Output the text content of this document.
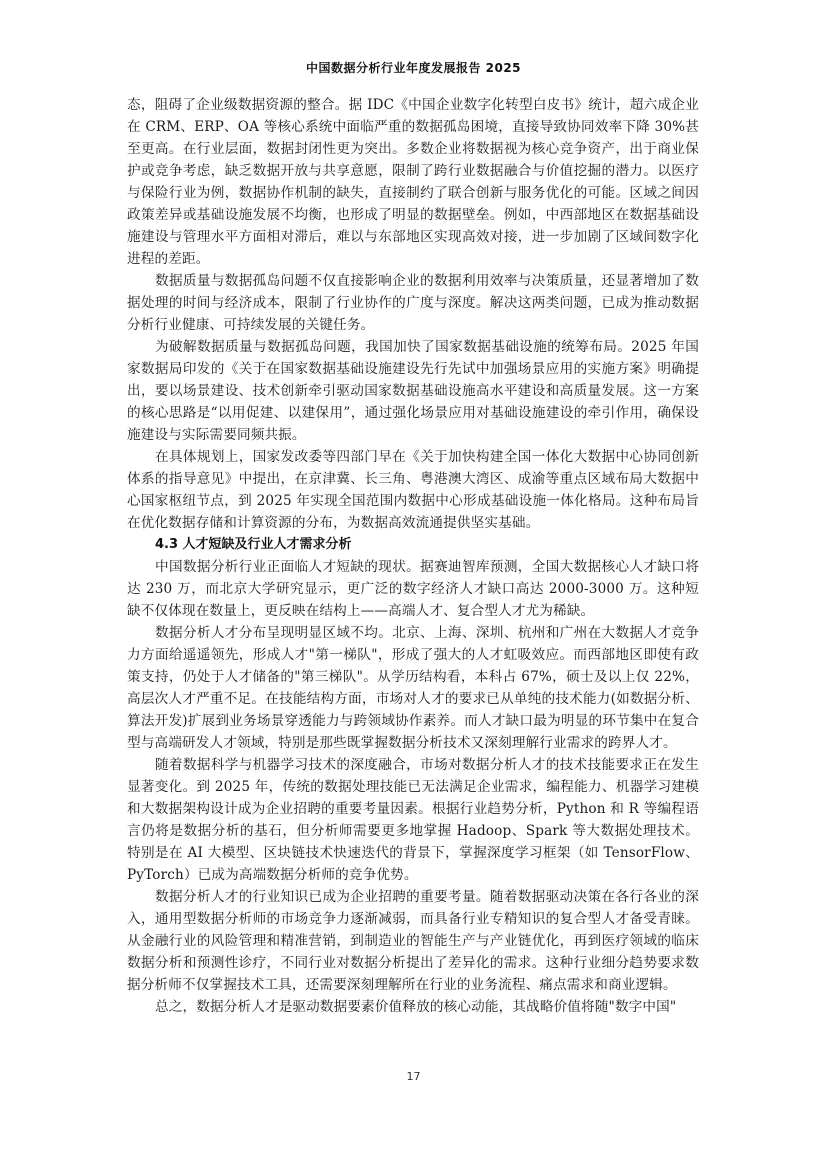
中国数据分析行业年度发展报告 2025

态，阻碍了企业级数据资源的整合。据 IDC《中国企业数字化转型白皮书》统计，超六成企业在 CRM、ERP、OA 等核心系统中面临严重的数据孤岛困境，直接导致协同效率下降 30%甚至更高。在行业层面，数据封闭性更为突出。多数企业将数据视为核心竞争资产，出于商业保护或竞争考虑，缺乏数据开放与共享意愿，限制了跨行业数据融合与价值挖掘的潜力。以医疗与保险行业为例，数据协作机制的缺失，直接制约了联合创新与服务优化的可能。区域之间因政策差异或基础设施发展不均衡，也形成了明显的数据壁垒。例如，中西部地区在数据基础设施建设与管理水平方面相对滞后，难以与东部地区实现高效对接，进一步加剧了区域间数字化进程的差距。

数据质量与数据孤岛问题不仅直接影响企业的数据利用效率与决策质量，还显著增加了数据处理的时间与经济成本，限制了行业协作的广度与深度。解决这两类问题，已成为推动数据分析行业健康、可持续发展的关键任务。

为破解数据质量与数据孤岛问题，我国加快了国家数据基础设施的统筹布局。2025 年国家数据局印发的《关于在国家数据基础设施建设先行先试中加强场景应用的实施方案》明确提出，要以场景建设、技术创新牵引驱动国家数据基础设施高水平建设和高质量发展。这一方案的核心思路是“以用促建、以建保用”，通过强化场景应用对基础设施建设的牵引作用，确保设施建设与实际需要同频共振。

在具体规划上，国家发改委等四部门早在《关于加快构建全国一体化大数据中心协同创新体系的指导意见》中提出，在京津冀、长三角、粤港澳大湾区、成渝等重点区域布局大数据中心国家枢纽节点，到 2025 年实现全国范围内数据中心形成基础设施一体化格局。这种布局旨在优化数据存储和计算资源的分布，为数据高效流通提供坚实基础。

4.3 人才短缺及行业人才需求分析

中国数据分析行业正面临人才短缺的现状。据赛迪智库预测，全国大数据核心人才缺口将达 230 万，而北京大学研究显示，更广泛的数字经济人才缺口高达 2000-3000 万。这种短缺不仅体现在数量上，更反映在结构上——高端人才、复合型人才尤为稀缺。

数据分析人才分布呈现明显区域不均。北京、上海、深圳、杭州和广州在大数据人才竞争力方面给遥遥领先，形成人才"第一梯队"，形成了强大的人才虹吸效应。而西部地区即使有政策支持，仍处于人才储备的"第三梯队"。从学历结构看，本科占 67%，硕士及以上仅 22%，高层次人才严重不足。在技能结构方面，市场对人才的要求已从单纯的技术能力(如数据分析、算法开发)扩展到业务场景穿透能力与跨领域协作素养。而人才缺口最为明显的环节集中在复合型与高端研发人才领域，特别是那些既掌握数据分析技术又深刻理解行业需求的跨界人才。

随着数据科学与机器学习技术的深度融合，市场对数据分析人才的技术技能要求正在发生显著变化。到 2025 年，传统的数据处理技能已无法满足企业需求，编程能力、机器学习建模和大数据架构设计成为企业招聘的重要考量因素。根据行业趋势分析，Python 和 R 等编程语言仍将是数据分析的基石，但分析师需要更多地掌握 Hadoop、Spark 等大数据处理技术。特别是在 AI 大模型、区块链技术快速迭代的背景下，掌握深度学习框架（如 TensorFlow、PyTorch）已成为高端数据分析师的竞争优势。

数据分析人才的行业知识已成为企业招聘的重要考量。随着数据驱动决策在各行各业的深入，通用型数据分析师的市场竞争力逐渐减弱，而具备行业专精知识的复合型人才备受青睐。从金融行业的风险管理和精准营销，到制造业的智能生产与产业链优化，再到医疗领域的临床数据分析和预测性诊疗，不同行业对数据分析提出了差异化的需求。这种行业细分趋势要求数据分析师不仅掌握技术工具，还需要深刻理解所在行业的业务流程、痛点需求和商业逻辑。

总之，数据分析人才是驱动数据要素价值释放的核心动能，其战略价值将随"数字中国"

17
